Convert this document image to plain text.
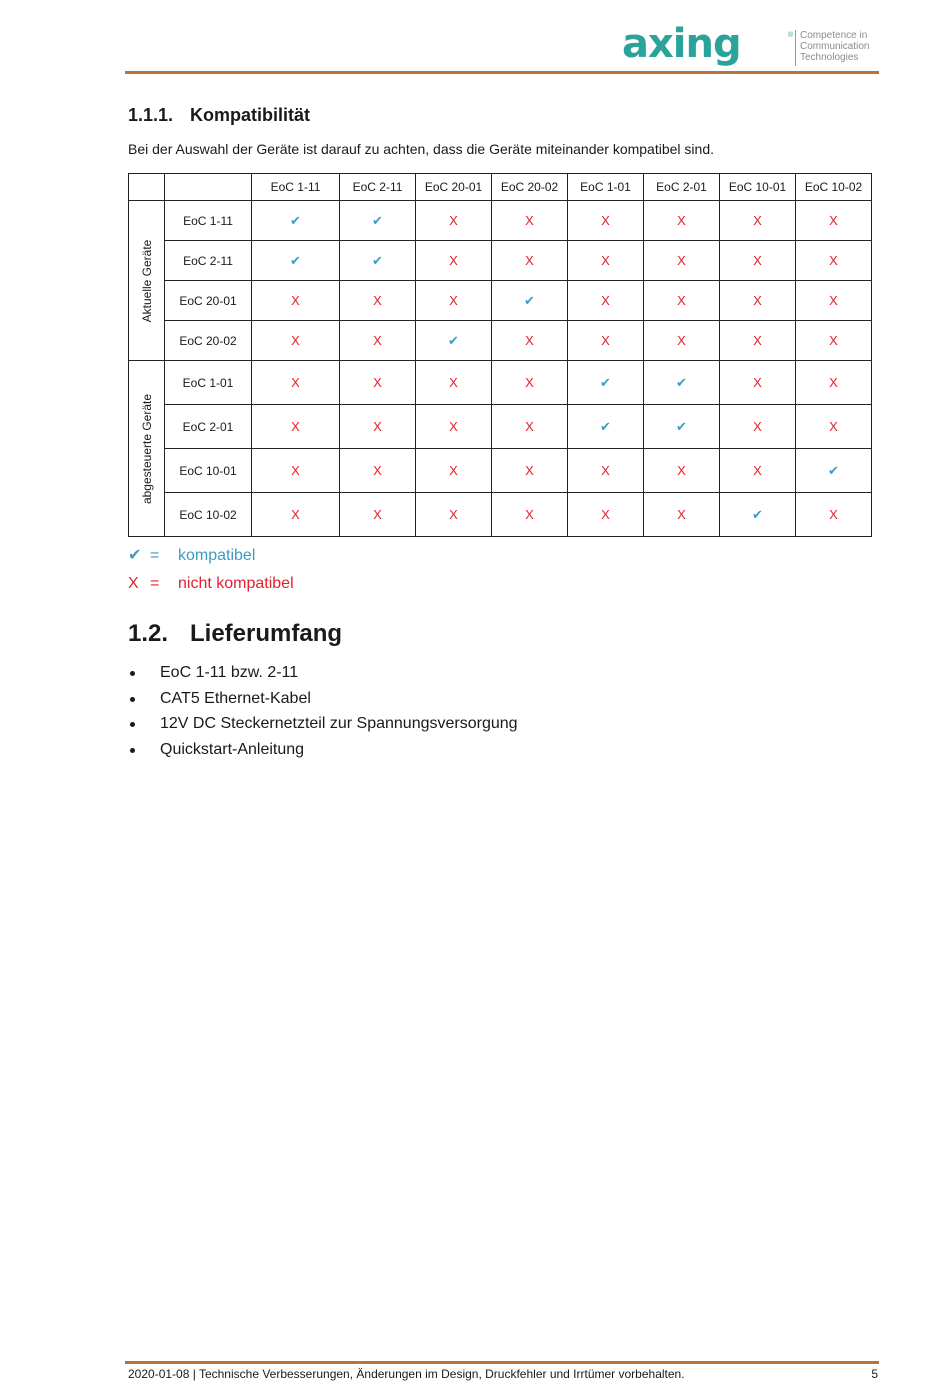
axing	® Competence in
Communication
Technologies
1.1.1. Kompatibilität
Bei der Auswahl der Geräte ist darauf zu achten, dass die Geräte miteinander kompatibel sind.
		EoC 1-11	EoC 2-11	EoC 20-01	EoC 20-02	EoC 1-01	EoC 2-01	EoC 10-01	EoC 10-02

Aktuelle Geräte	EoC 1-11	✔	✔	X	X	X	X	X	X
	EoC 2-11	✔	✔	X	X	X	X	X	X
	EoC 20-01	X	X	X	✔	X	X	X	X
	EoC 20-02	X	X	✔	X	X	X	X	X

abgesteuerte Geräte	EoC 1-01	X	X	X	X	✔	✔	X	X
	EoC 2-01	X	X	X	X	✔	✔	X	X
	EoC 10-01	X	X	X	X	X	X	X	✔
	EoC 10-02	X	X	X	X	X	X	✔	X
✔ = kompatibel
X = nicht kompatibel
1.2. Lieferumfang
EoC 1-11 bzw. 2-11
CAT5 Ethernet-Kabel
12V DC Steckernetzteil zur Spannungsversorgung
Quickstart-Anleitung
2020-01-08 | Technische Verbesserungen, Änderungen im Design, Druckfehler und Irrtümer vorbehalten.	5
